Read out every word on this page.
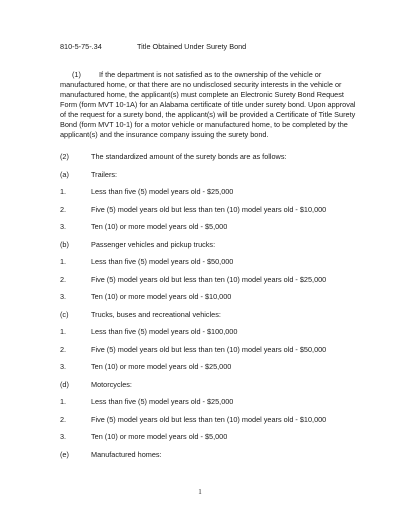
810-5-75-.34	Title Obtained Under Surety Bond
(1) If the department is not satisfied as to the ownership of the vehicle or manufactured home, or that there are no undisclosed security interests in the vehicle or manufactured home, the applicant(s) must complete an Electronic Surety Bond Request Form (form MVT 10-1A) for an Alabama certificate of title under surety bond. Upon approval of the request for a surety bond, the applicant(s) will be provided a Certificate of Title Surety Bond (form MVT 10-1) for a motor vehicle or manufactured home, to be completed by the applicant(s) and the insurance company issuing the surety bond.
(2)	The standardized amount of the surety bonds are as follows:
(a)	Trailers:
1.	Less than five (5) model years old - $25,000
2.	Five (5) model years old but less than ten (10) model years old - $10,000
3.	Ten (10) or more model years old - $5,000
(b)	Passenger vehicles and pickup trucks:
1.	Less than five (5) model years old - $50,000
2.	Five (5) model years old but less than ten (10) model years old - $25,000
3.	Ten (10) or more model years old - $10,000
(c)	Trucks, buses and recreational vehicles:
1.	Less than five (5) model years old - $100,000
2.	Five (5) model years old but less than ten (10) model years old - $50,000
3.	Ten (10) or more model years old - $25,000
(d)	Motorcycles:
1.	Less than five (5) model years old - $25,000
2.	Five (5) model years old but less than ten (10) model years old - $10,000
3.	Ten (10) or more model years old - $5,000
(e)	Manufactured homes:
1
